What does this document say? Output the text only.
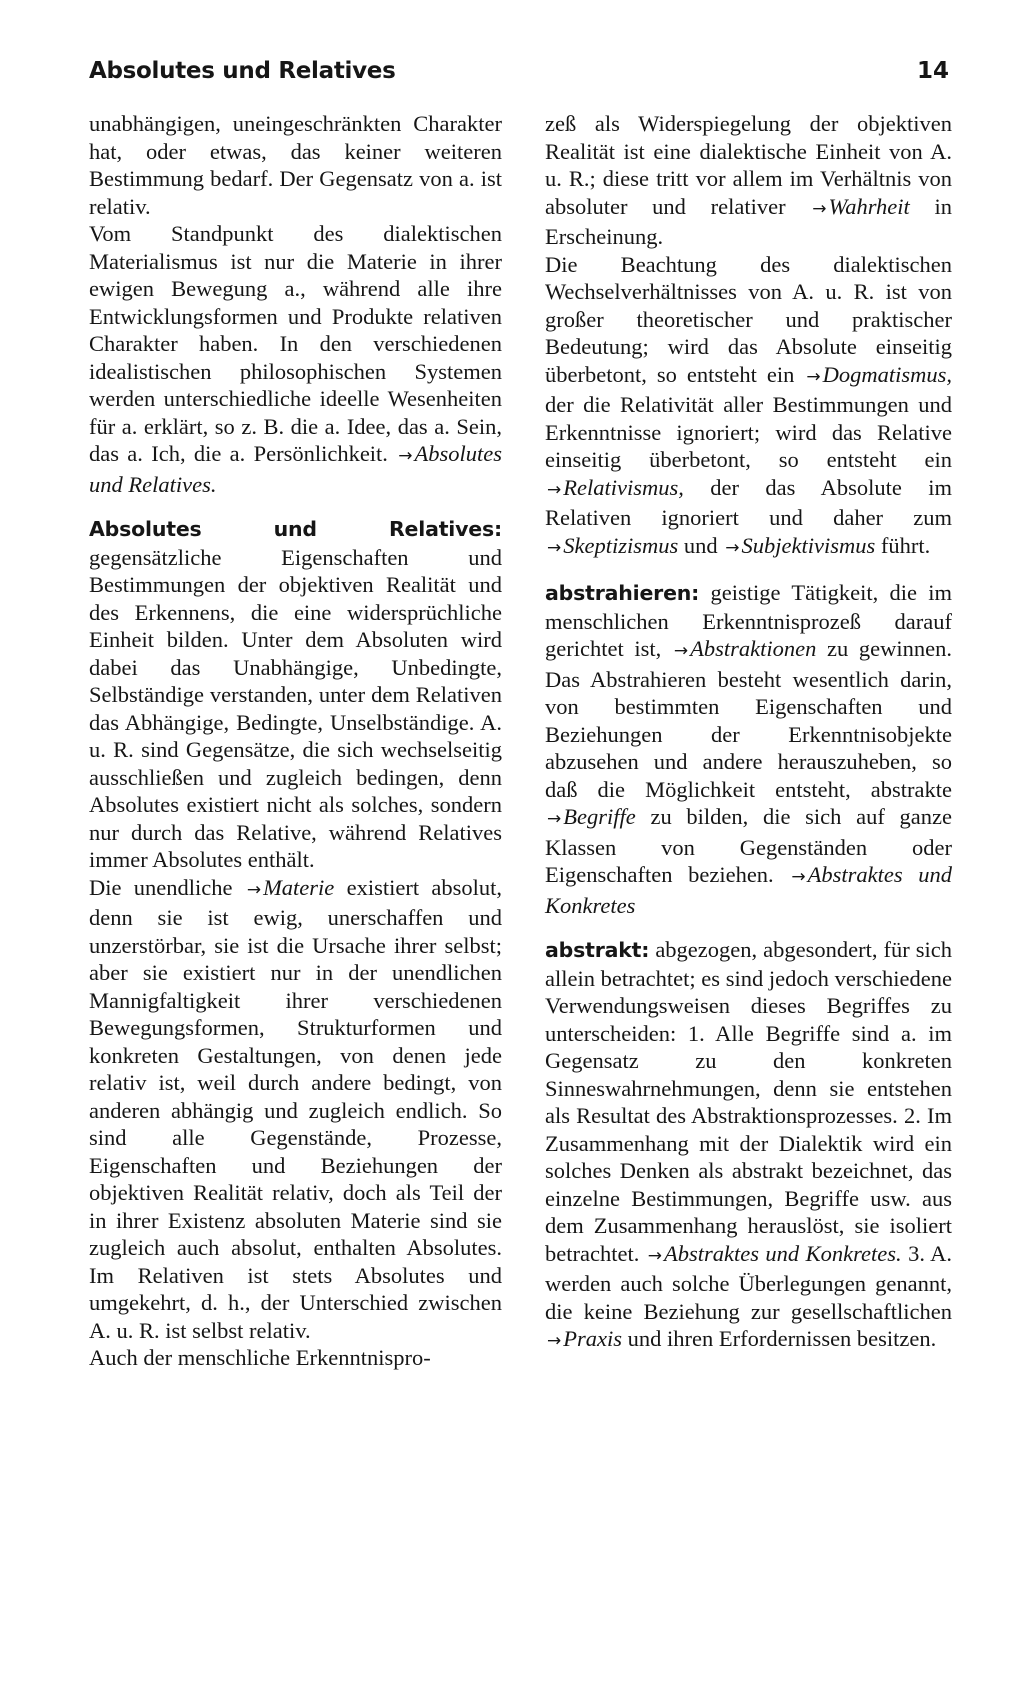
Absolutes und Relatives	14

unabhängigen, uneingeschränkten Charakter hat, oder etwas, das keiner weiteren Bestimmung bedarf. Der Gegensatz von a. ist relativ.

Vom Standpunkt des dialektischen Materialismus ist nur die Materie in ihrer ewigen Bewegung a., während alle ihre Entwicklungsformen und Produkte relativen Charakter haben. In den verschiedenen idealistischen philosophischen Systemen werden unterschiedliche ideelle Wesenheiten für a. erklärt, so z. B. die a. Idee, das a. Sein, das a. Ich, die a. Persönlichkeit. →Absolutes und Relatives.

Absolutes und Relatives: gegensätzliche Eigenschaften und Bestimmungen der objektiven Realität und des Erkennens, die eine widersprüchliche Einheit bilden. Unter dem Absoluten wird dabei das Unabhängige, Unbedingte, Selbständige verstanden, unter dem Relativen das Abhängige, Bedingte, Unselbständige. A. u. R. sind Gegensätze, die sich wechselseitig ausschließen und zugleich bedingen, denn Absolutes existiert nicht als solches, sondern nur durch das Relative, während Relatives immer Absolutes enthält.

Die unendliche →Materie existiert absolut, denn sie ist ewig, unerschaffen und unzerstörbar, sie ist die Ursache ihrer selbst; aber sie existiert nur in der unendlichen Mannigfaltigkeit ihrer verschiedenen Bewegungsformen, Strukturformen und konkreten Gestaltungen, von denen jede relativ ist, weil durch andere bedingt, von anderen abhängig und zugleich endlich. So sind alle Gegenstände, Prozesse, Eigenschaften und Beziehungen der objektiven Realität relativ, doch als Teil der in ihrer Existenz absoluten Materie sind sie zugleich auch absolut, enthalten Absolutes. Im Relativen ist stets Absolutes und umgekehrt, d. h., der Unterschied zwischen A. u. R. ist selbst relativ.

Auch der menschliche Erkenntnispro-

zeß als Widerspiegelung der objektiven Realität ist eine dialektische Einheit von A. u. R.; diese tritt vor allem im Verhältnis von absoluter und relativer →Wahrheit in Erscheinung.

Die Beachtung des dialektischen Wechselverhältnisses von A. u. R. ist von großer theoretischer und praktischer Bedeutung; wird das Absolute einseitig überbetont, so entsteht ein →Dogmatismus, der die Relativität aller Bestimmungen und Erkenntnisse ignoriert; wird das Relative einseitig überbetont, so entsteht ein →Relativismus, der das Absolute im Relativen ignoriert und daher zum →Skeptizismus und →Subjektivismus führt.

abstrahieren: geistige Tätigkeit, die im menschlichen Erkenntnisprozeß darauf gerichtet ist, →Abstraktionen zu gewinnen. Das Abstrahieren besteht wesentlich darin, von bestimmten Eigenschaften und Beziehungen der Erkenntnisobjekte abzusehen und andere herauszuheben, so daß die Möglichkeit entsteht, abstrakte →Begriffe zu bilden, die sich auf ganze Klassen von Gegenständen oder Eigenschaften beziehen. →Abstraktes und Konkretes

abstrakt: abgezogen, abgesondert, für sich allein betrachtet; es sind jedoch verschiedene Verwendungsweisen dieses Begriffes zu unterscheiden: 1. Alle Begriffe sind a. im Gegensatz zu den konkreten Sinneswahrnehmungen, denn sie entstehen als Resultat des Abstraktionsprozesses. 2. Im Zusammenhang mit der Dialektik wird ein solches Denken als abstrakt bezeichnet, das einzelne Bestimmungen, Begriffe usw. aus dem Zusammenhang herauslöst, sie isoliert betrachtet. →Abstraktes und Konkretes. 3. A. werden auch solche Überlegungen genannt, die keine Beziehung zur gesellschaftlichen →Praxis und ihren Erfordernissen besitzen.
